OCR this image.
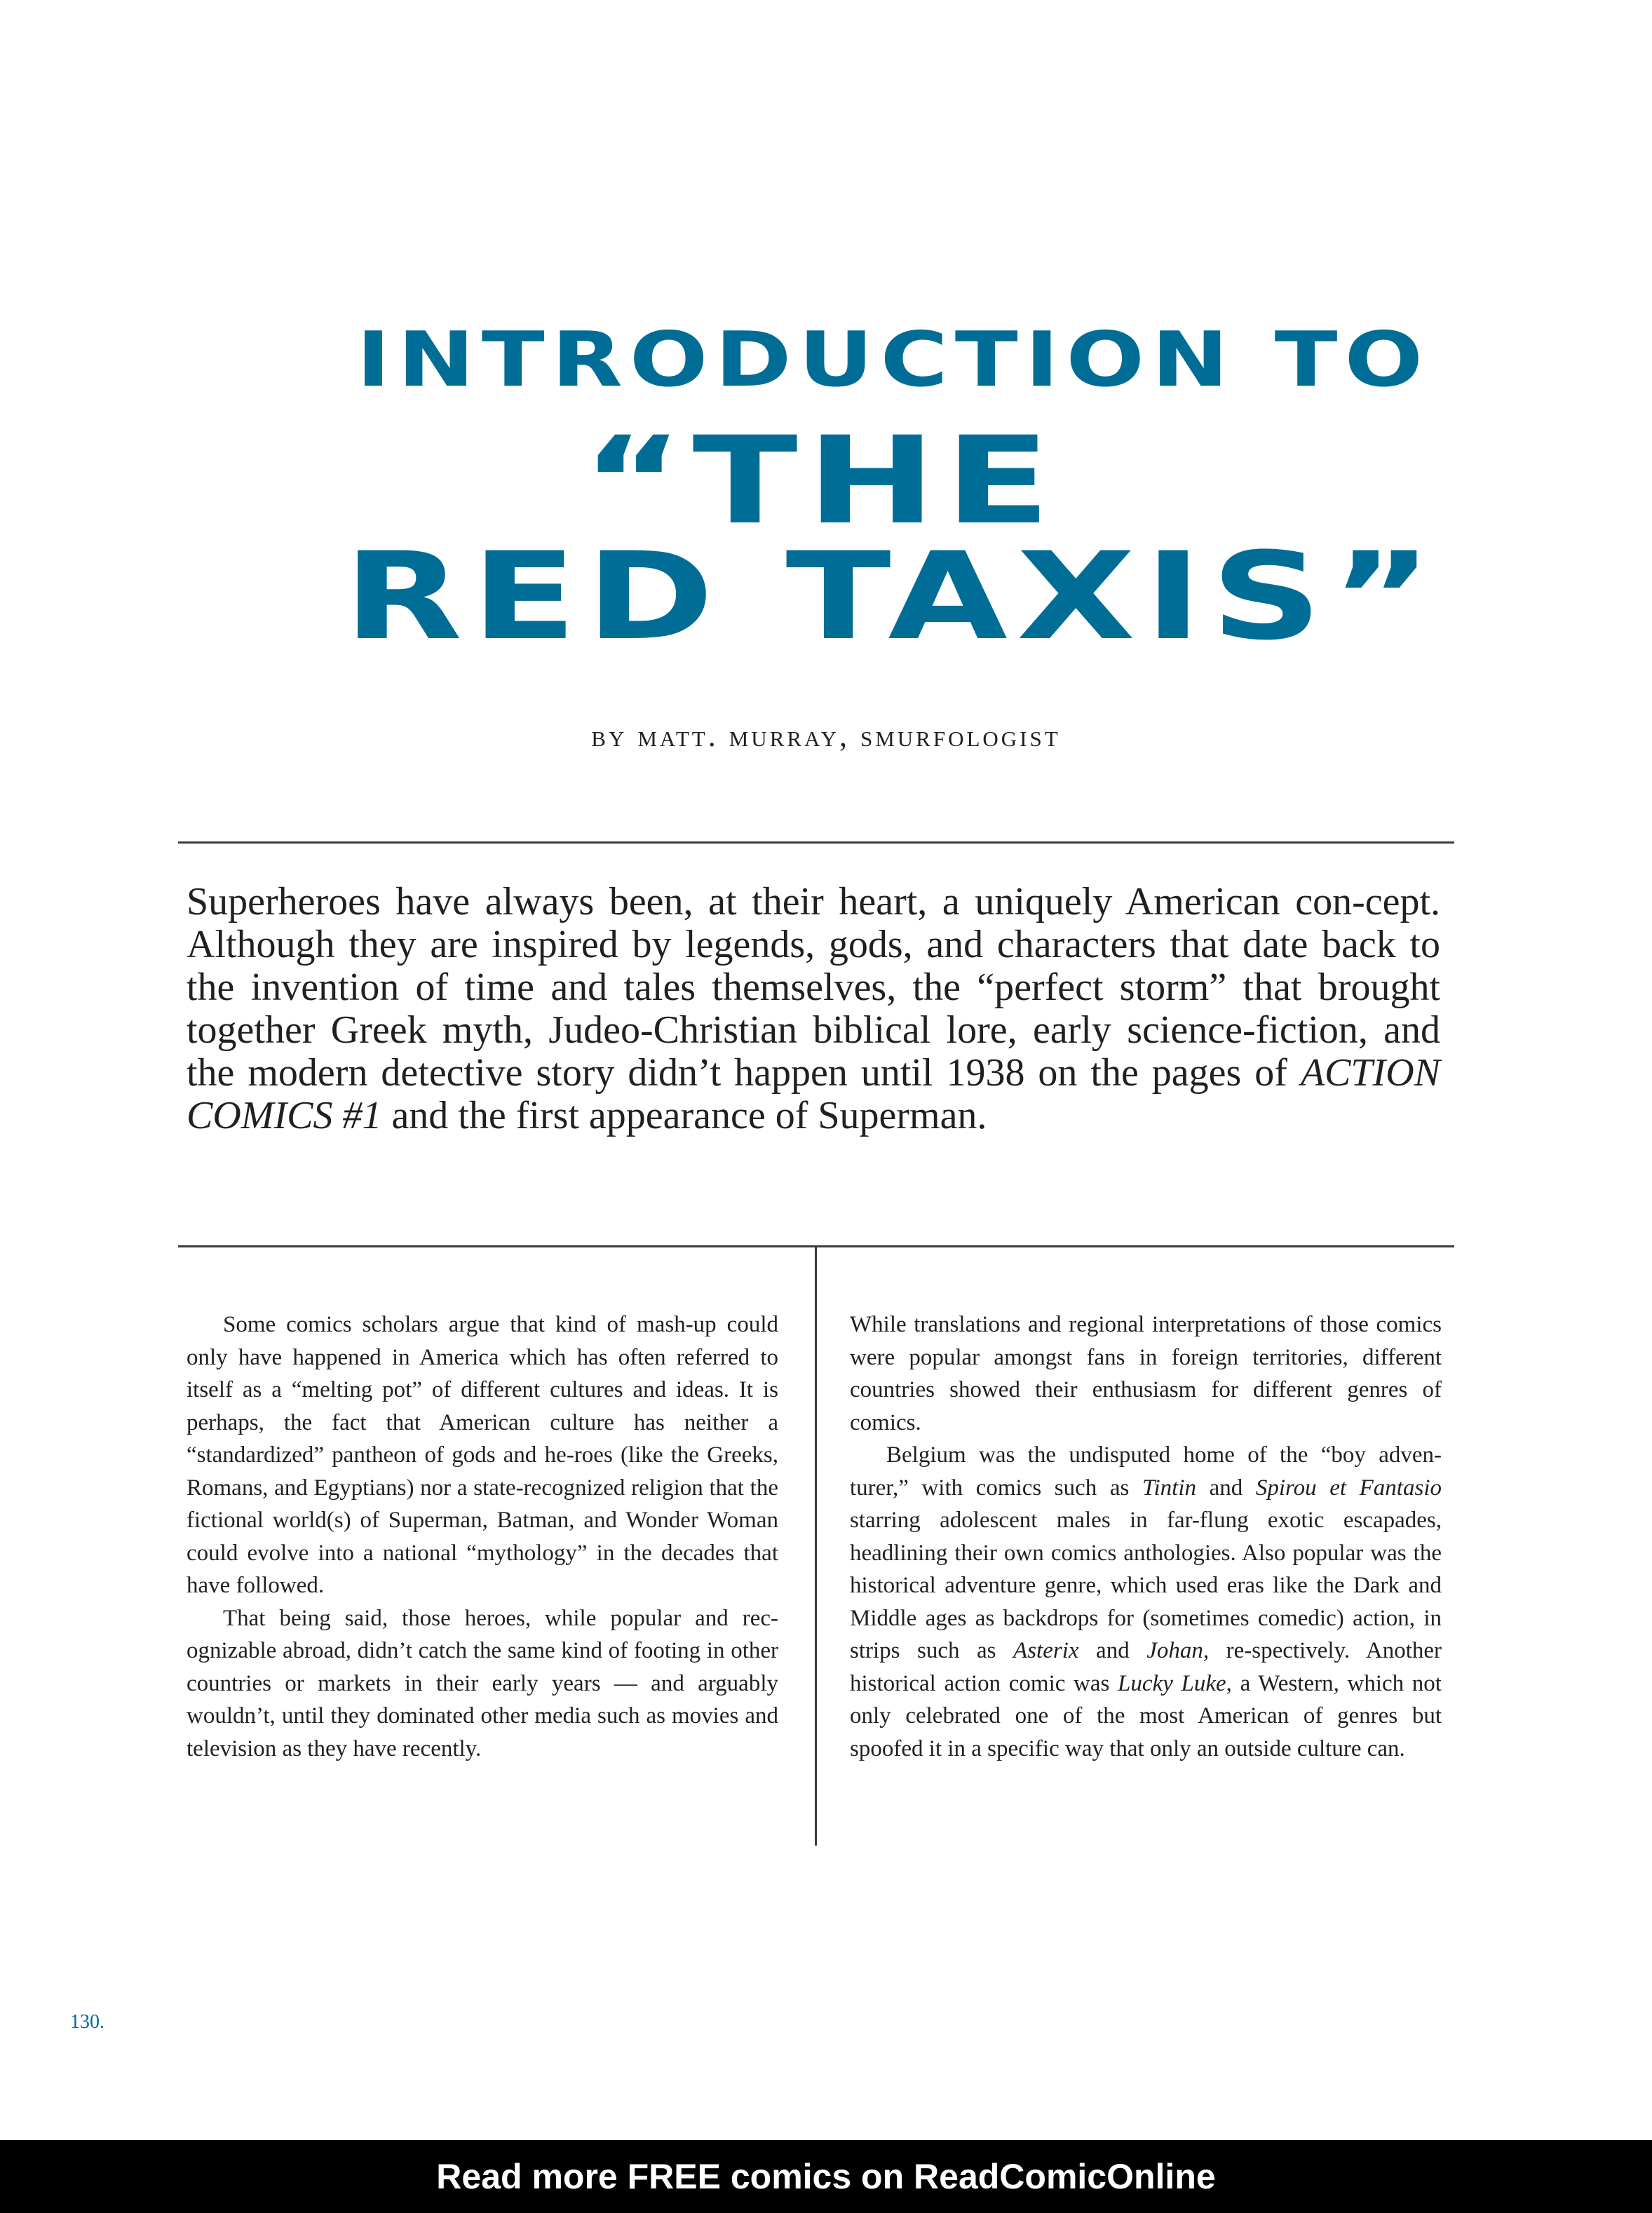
INTRODUCTION TO
“THE
RED TAXIS”
by matt. murray, smurfologist

Superheroes have always been, at their heart, a uniquely American con-cept. Although they are inspired by legends, gods, and characters that date back to the invention of time and tales themselves, the “perfect storm” that brought together Greek myth, Judeo-Christian biblical lore, early science-fiction, and the modern detective story didn’t happen until 1938 on the pages of ACTION COMICS #1 and the first appearance of Superman.

Some comics scholars argue that kind of mash-up could only have happened in America which has often referred to itself as a “melting pot” of different cultures and ideas. It is perhaps, the fact that American culture has neither a “standardized” pantheon of gods and he-roes (like the Greeks, Romans, and Egyptians) nor a state-recognized religion that the fictional world(s) of Superman, Batman, and Wonder Woman could evolve into a national “mythology” in the decades that have followed.

That being said, those heroes, while popular and rec-ognizable abroad, didn’t catch the same kind of footing in other countries or markets in their early years — and arguably wouldn’t, until they dominated other media such as movies and television as they have recently.

While translations and regional interpretations of those comics were popular amongst fans in foreign territories, different countries showed their enthusiasm for different genres of comics.

Belgium was the undisputed home of the “boy adven-turer,” with comics such as Tintin and Spirou et Fantasio starring adolescent males in far-flung exotic escapades, headlining their own comics anthologies. Also popular was the historical adventure genre, which used eras like the Dark and Middle ages as backdrops for (sometimes comedic) action, in strips such as Asterix and Johan, re-spectively. Another historical action comic was Lucky Luke, a Western, which not only celebrated one of the most American of genres but spoofed it in a specific way that only an outside culture can.

130.
Read more FREE comics on ReadComicOnline
